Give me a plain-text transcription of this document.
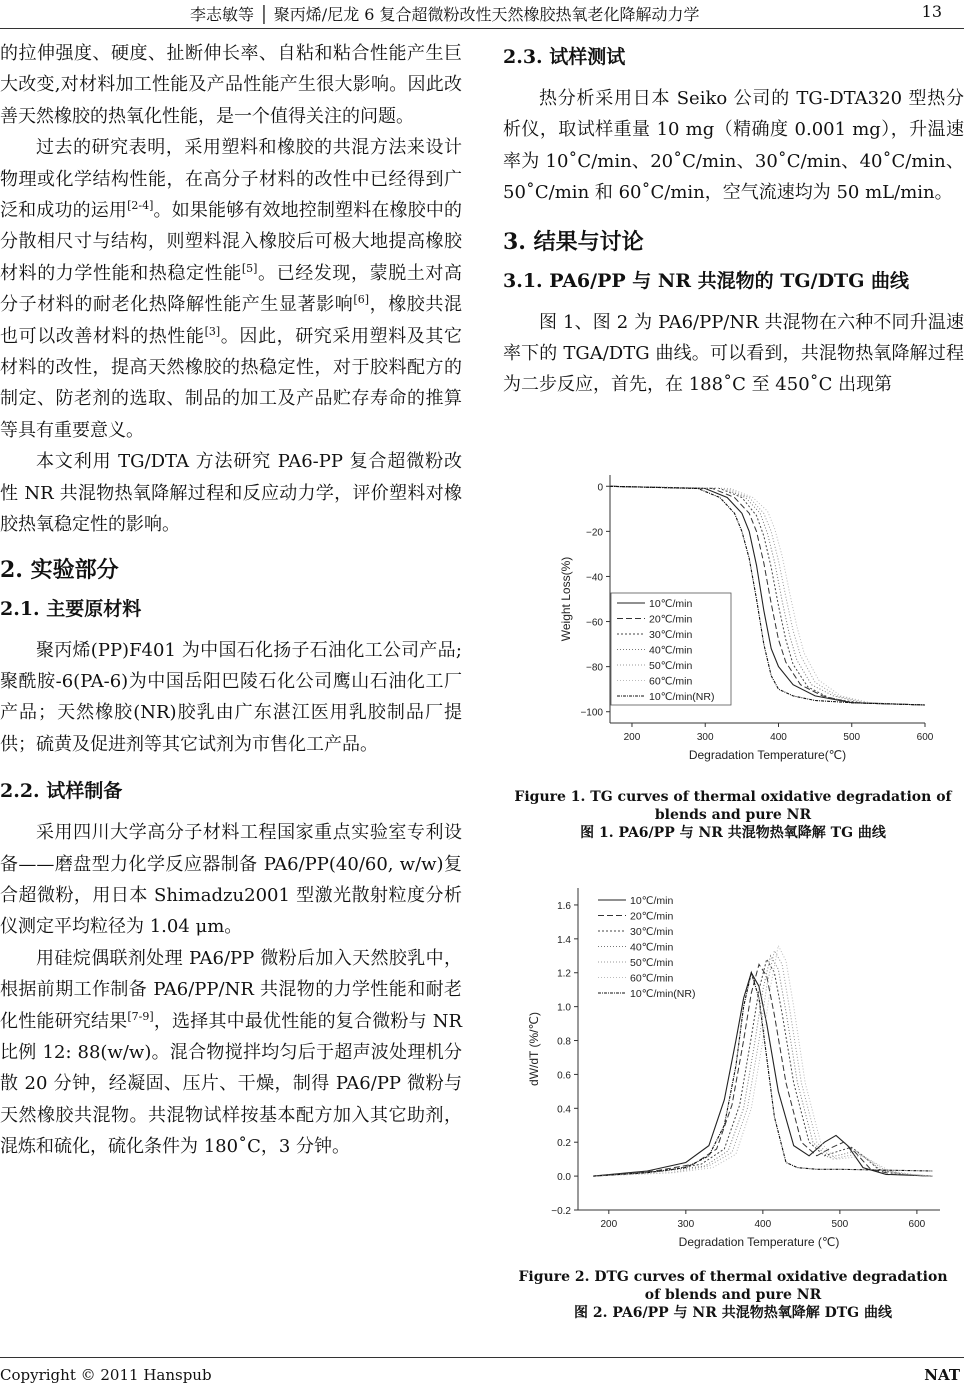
李志敏等 │ 聚丙烯/尼龙 6 复合超微粉改性天然橡胶热氧老化降解动力学	13

的拉伸强度、硬度、扯断伸长率、自粘和粘合性能产生巨大改变,对材料加工性能及产品性能产生很大影响。因此改善天然橡胶的热氧化性能，是一个值得关注的问题。

过去的研究表明，采用塑料和橡胶的共混方法来设计物理或化学结构性能，在高分子材料的改性中已经得到广泛和成功的运用[2-4]。如果能够有效地控制塑料在橡胶中的分散相尺寸与结构，则塑料混入橡胶后可极大地提高橡胶材料的力学性能和热稳定性能[5]。已经发现，蒙脱土对高分子材料的耐老化热降解性能产生显著影响[6]，橡胶共混也可以改善材料的热性能[3]。因此，研究采用塑料及其它材料的改性，提高天然橡胶的热稳定性，对于胶料配方的制定、防老剂的选取、制品的加工及产品贮存寿命的推算等具有重要意义。

本文利用 TG/DTA 方法研究 PA6-PP 复合超微粉改性 NR 共混物热氧降解过程和反应动力学，评价塑料对橡胶热氧稳定性的影响。

2. 实验部分
2.1. 主要原材料

聚丙烯(PP)F401 为中国石化扬子石油化工公司产品;聚酰胺-6(PA-6)为中国岳阳巴陵石化公司鹰山石油化工厂产品；天然橡胶(NR)胶乳由广东湛江医用乳胶制品厂提供；硫黄及促进剂等其它试剂为市售化工产品。

2.2. 试样制备

采用四川大学高分子材料工程国家重点实验室专利设备——磨盘型力化学反应器制备 PA6/PP(40/60, w/w)复合超微粉，用日本 Shimadzu2001 型激光散射粒度分析仪测定平均粒径为 1.04 μm。

用硅烷偶联剂处理 PA6/PP 微粉后加入天然胶乳中，根据前期工作制备 PA6/PP/NR 共混物的力学性能和耐老化性能研究结果[7-9]，选择其中最优性能的复合微粉与 NR 比例 12: 88(w/w)。混合物搅拌均匀后于超声波处理机分散 20 分钟，经凝固、压片、干燥，制得 PA6/PP 微粉与天然橡胶共混物。共混物试样按基本配方加入其它助剂，混炼和硫化，硫化条件为 180˚C，3 分钟。

2.3. 试样测试

热分析采用日本 Seiko 公司的 TG-DTA320 型热分析仪，取试样重量 10 mg（精确度 0.001 mg），升温速率为 10˚C/min、20˚C/min、30˚C/min、40˚C/min、50˚C/min 和 60˚C/min，空气流速均为 50 mL/min。

3. 结果与讨论
3.1. PA6/PP 与 NR 共混物的 TG/DTG 曲线

图 1、图 2 为 PA6/PP/NR 共混物在六种不同升温速率下的 TGA/DTG 曲线。可以看到，共混物热氧降解过程为二步反应，首先，在 188˚C 至 450˚C 出现第

200	300	400	500	600
0
−20
−40
−60
−80
−100
Degradation Temperature(℃)
Weight Loss(%)	10℃/min
20℃/min
30℃/min
40℃/min
50℃/min
60℃/min
10℃/min(NR)
Figure 1. TG curves of thermal oxidative degradation of blends and pure NR
图 1. PA6/PP 与 NR 共混物热氧降解 TG 曲线
200	300	400	500	600
1.6
1.4
1.2
1.0
0.8
0.6
0.4
0.2
0.0
−0.2
Degradation Temperature (℃)
dW/dT (%/℃)
10℃/min
20℃/min
30℃/min
40℃/min
50℃/min
60℃/min
10℃/min(NR)
Figure 2. DTG curves of thermal oxidative degradation of blends and pure NR
图 2. PA6/PP 与 NR 共混物热氧降解 DTG 曲线
Copyright © 2011 Hanspub	NAT
